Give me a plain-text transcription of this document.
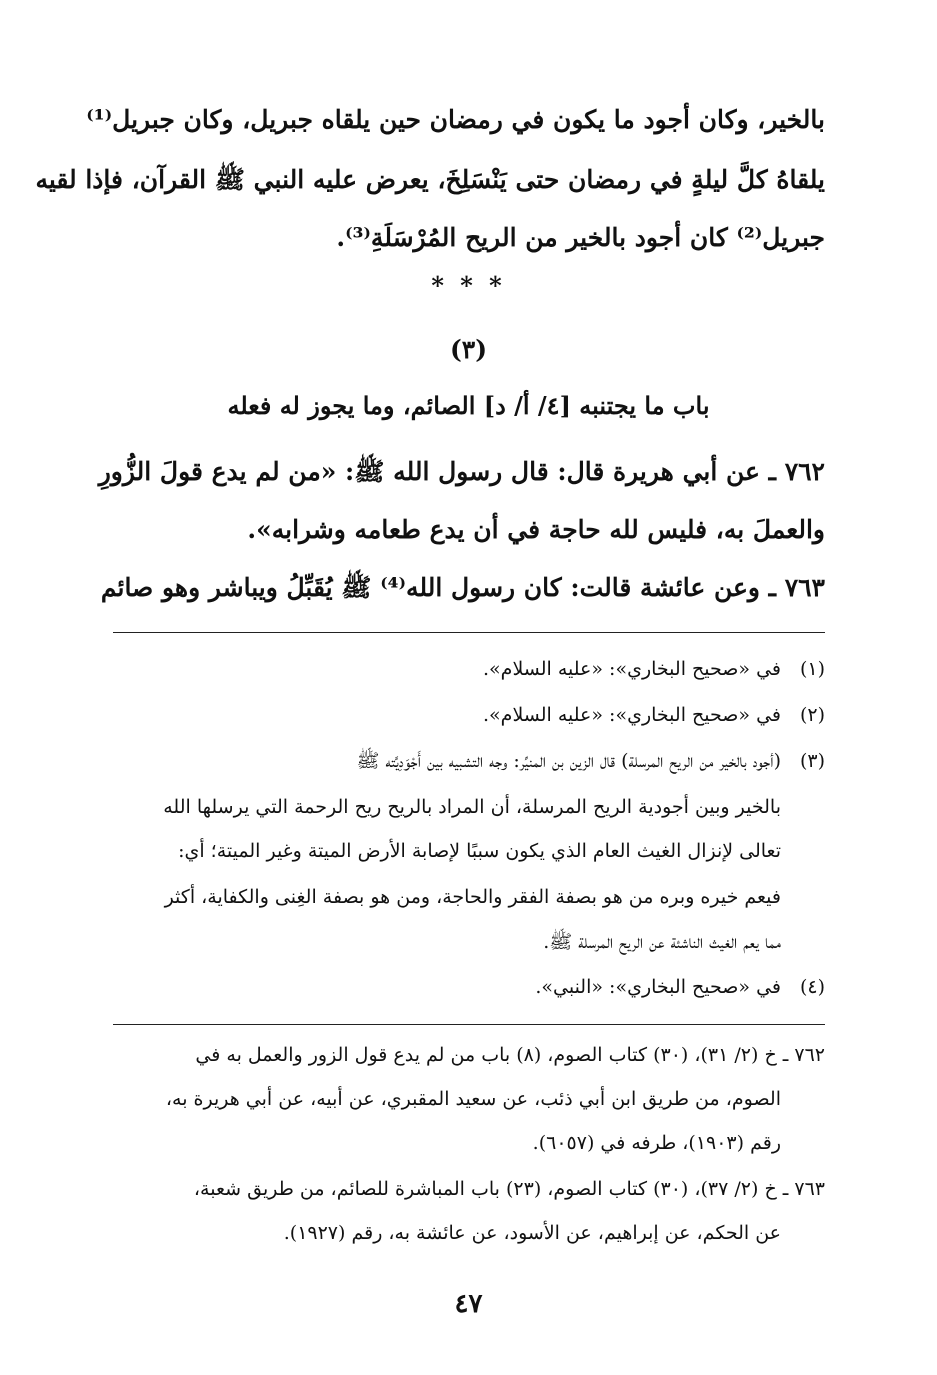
بالخير، وكان أجود ما يكون في رمضان حين يلقاه جبريل، وكان جبريل⁽¹⁾
يلقاهُ كلَّ ليلةٍ في رمضان حتى يَنْسَلِخَ، يعرض عليه النبي ﷺ القرآن، فإذا لقيه
جبريل⁽²⁾ كان أجود بالخير من الريح المُرْسَلَةِ⁽³⁾.
* * *
(٣)
باب ما يجتنبه [٤/ أ/ د] الصائم، وما يجوز له فعله
٧٦٢ ـ عن أبي هريرة قال: قال رسول الله ﷺ: «من لم يدع قولَ الزُّورِ
والعملَ به، فليس لله حاجة في أن يدع طعامه وشرابه».
٧٦٣ ـ وعن عائشة قالت: كان رسول الله⁽⁴⁾ ﷺ يُقَبِّلُ ويباشر وهو صائم
(١)في «صحيح البخاري»: «عليه السلام».
(٢)في «صحيح البخاري»: «عليه السلام».
(٣)(أجود بالخير من الريح المرسلة) قال الزين بن المنيِّر: وجه التشبيه بين أَجْوَدِيَّته ﷺ
بالخير وبين أجودية الريح المرسلة، أن المراد بالريح ريح الرحمة التي يرسلها الله
تعالى لإنزال الغيث العام الذي يكون سببًا لإصابة الأرض الميتة وغير الميتة؛ أي:
فيعم خيره وبره من هو بصفة الفقر والحاجة، ومن هو بصفة الغِنى والكفاية، أكثر
مما يعم الغيث الناشئة عن الريح المرسلة ﷺ.
(٤)في «صحيح البخاري»: «النبي».
٧٦٢ ـ خ (٢/ ٣١)، (٣٠) كتاب الصوم، (٨) باب من لم يدع قول الزور والعمل به في
الصوم، من طريق ابن أبي ذئب، عن سعيد المقبري، عن أبيه، عن أبي هريرة به،
رقم (١٩٠٣)، طرفه في (٦٠٥٧).
٧٦٣ ـ خ (٢/ ٣٧)، (٣٠) كتاب الصوم، (٢٣) باب المباشرة للصائم، من طريق شعبة،
عن الحكم، عن إبراهيم، عن الأسود، عن عائشة به، رقم (١٩٢٧).
٤٧
